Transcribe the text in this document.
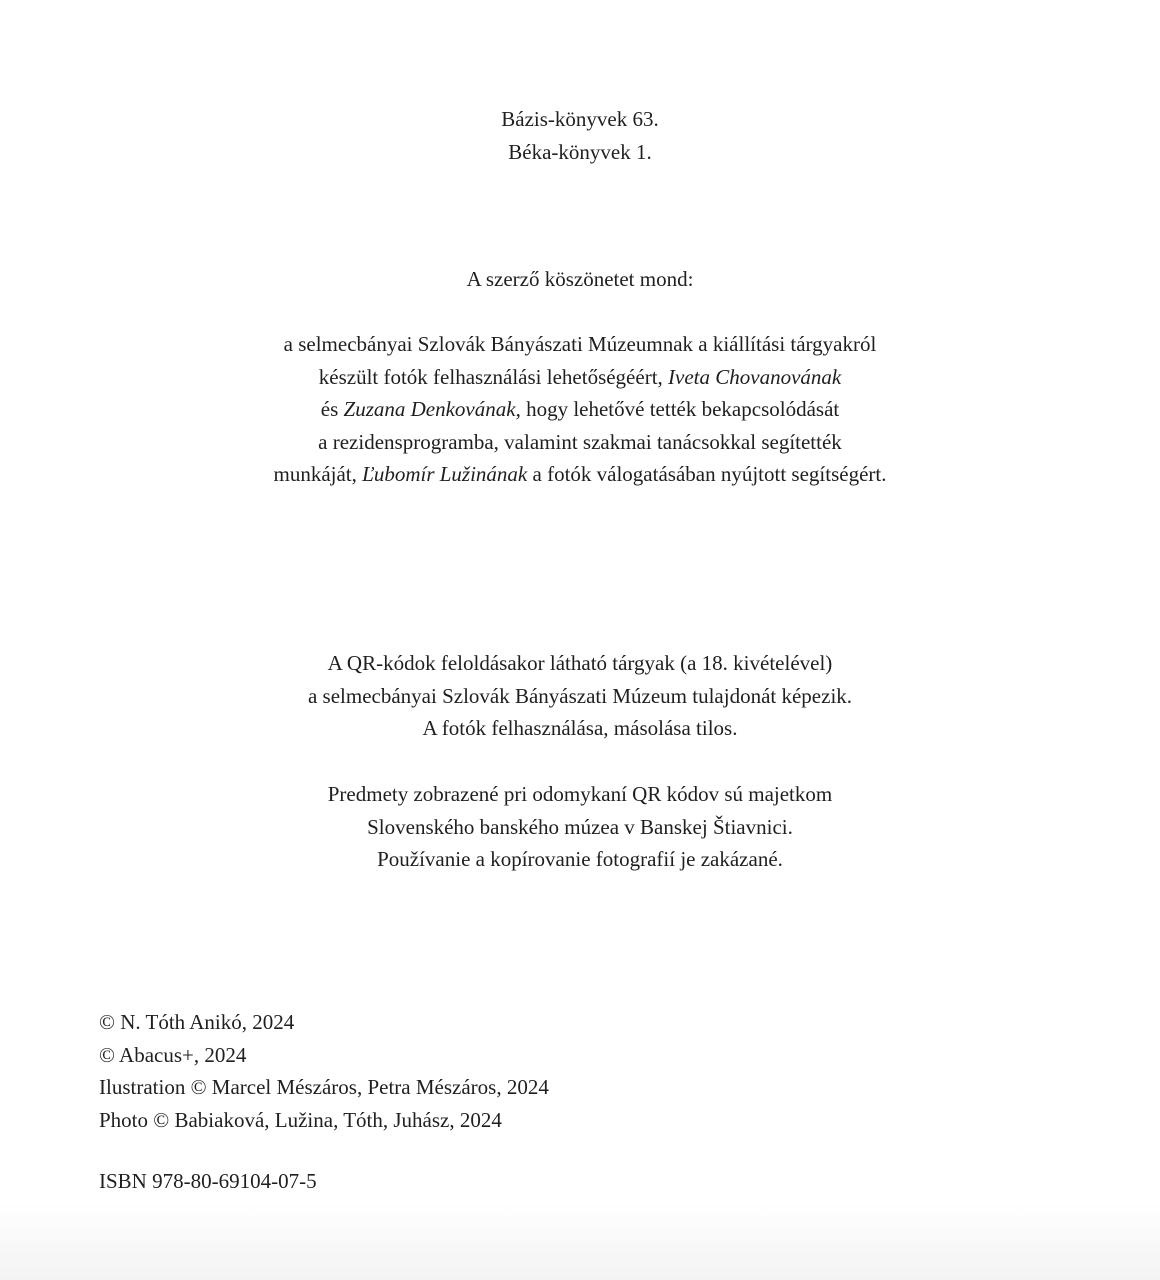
Bázis-könyvek 63.

Béka-könyvek 1.

A szerző köszönetet mond:

a selmecbányai Szlovák Bányászati Múzeumnak a kiállítási tárgyakról

készült fotók felhasználási lehetőségéért, Iveta Chovanovának

és Zuzana Denkovának, hogy lehetővé tették bekapcsolódását

a rezidensprogramba, valamint szakmai tanácsokkal segítették

munkáját, Ľubomír Lužinának a fotók válogatásában nyújtott segítségért.

A QR-kódok feloldásakor látható tárgyak (a 18. kivételével)

a selmecbányai Szlovák Bányászati Múzeum tulajdonát képezik.

A fotók felhasználása, másolása tilos.

Predmety zobrazené pri odomykaní QR kódov sú majetkom

Slovenského banského múzea v Banskej Štiavnici.

Používanie a kopírovanie fotografií je zakázané.

© N. Tóth Anikó, 2024

© Abacus+, 2024

Ilustration © Marcel Mészáros, Petra Mészáros, 2024

Photo © Babiaková, Lužina, Tóth, Juhász, 2024

ISBN 978-80-69104-07-5
